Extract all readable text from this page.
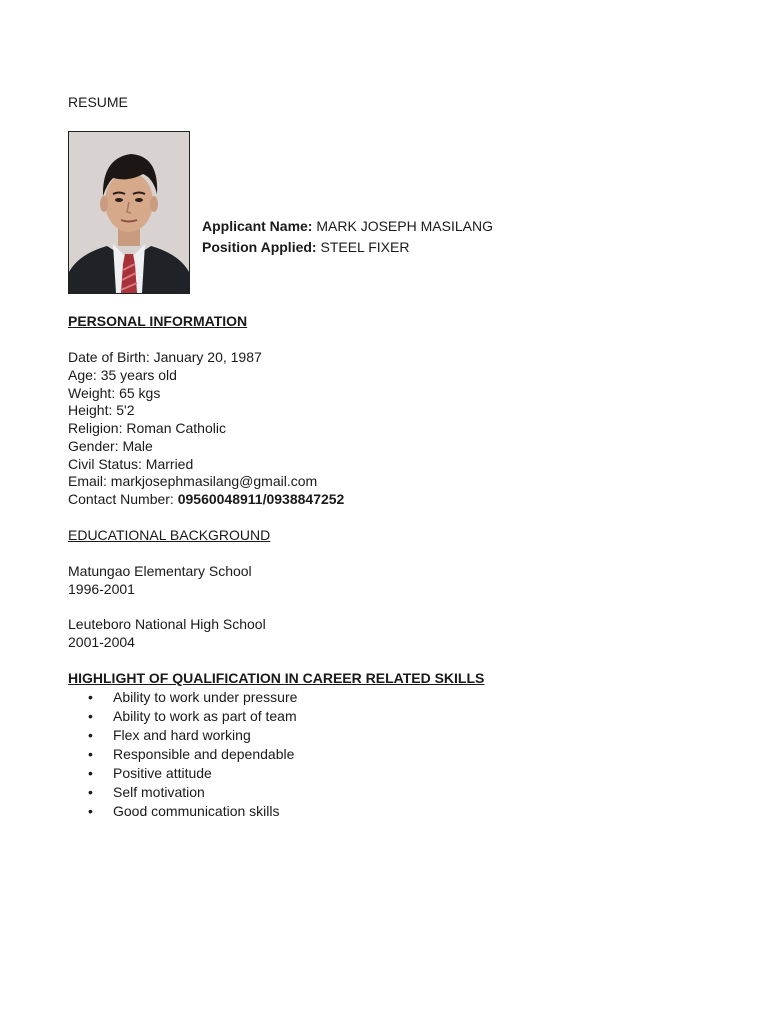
RESUME
Applicant Name: MARK JOSEPH MASILANG
Position Applied: STEEL FIXER
PERSONAL INFORMATION
Date of Birth: January 20, 1987
Age: 35 years old
Weight: 65 kgs
Height: 5'2
Religion: Roman Catholic
Gender: Male
Civil Status: Married
Email: markjosephmasilang@gmail.com
Contact Number: 09560048911/0938847252
EDUCATIONAL BACKGROUND
Matungao Elementary School
1996-2001
Leuteboro National High School
2001-2004
HIGHLIGHT OF QUALIFICATION IN CAREER RELATED SKILLS
• Ability to work under pressure
• Ability to work as part of team
• Flex and hard working
• Responsible and dependable
• Positive attitude
• Self motivation
• Good communication skills
